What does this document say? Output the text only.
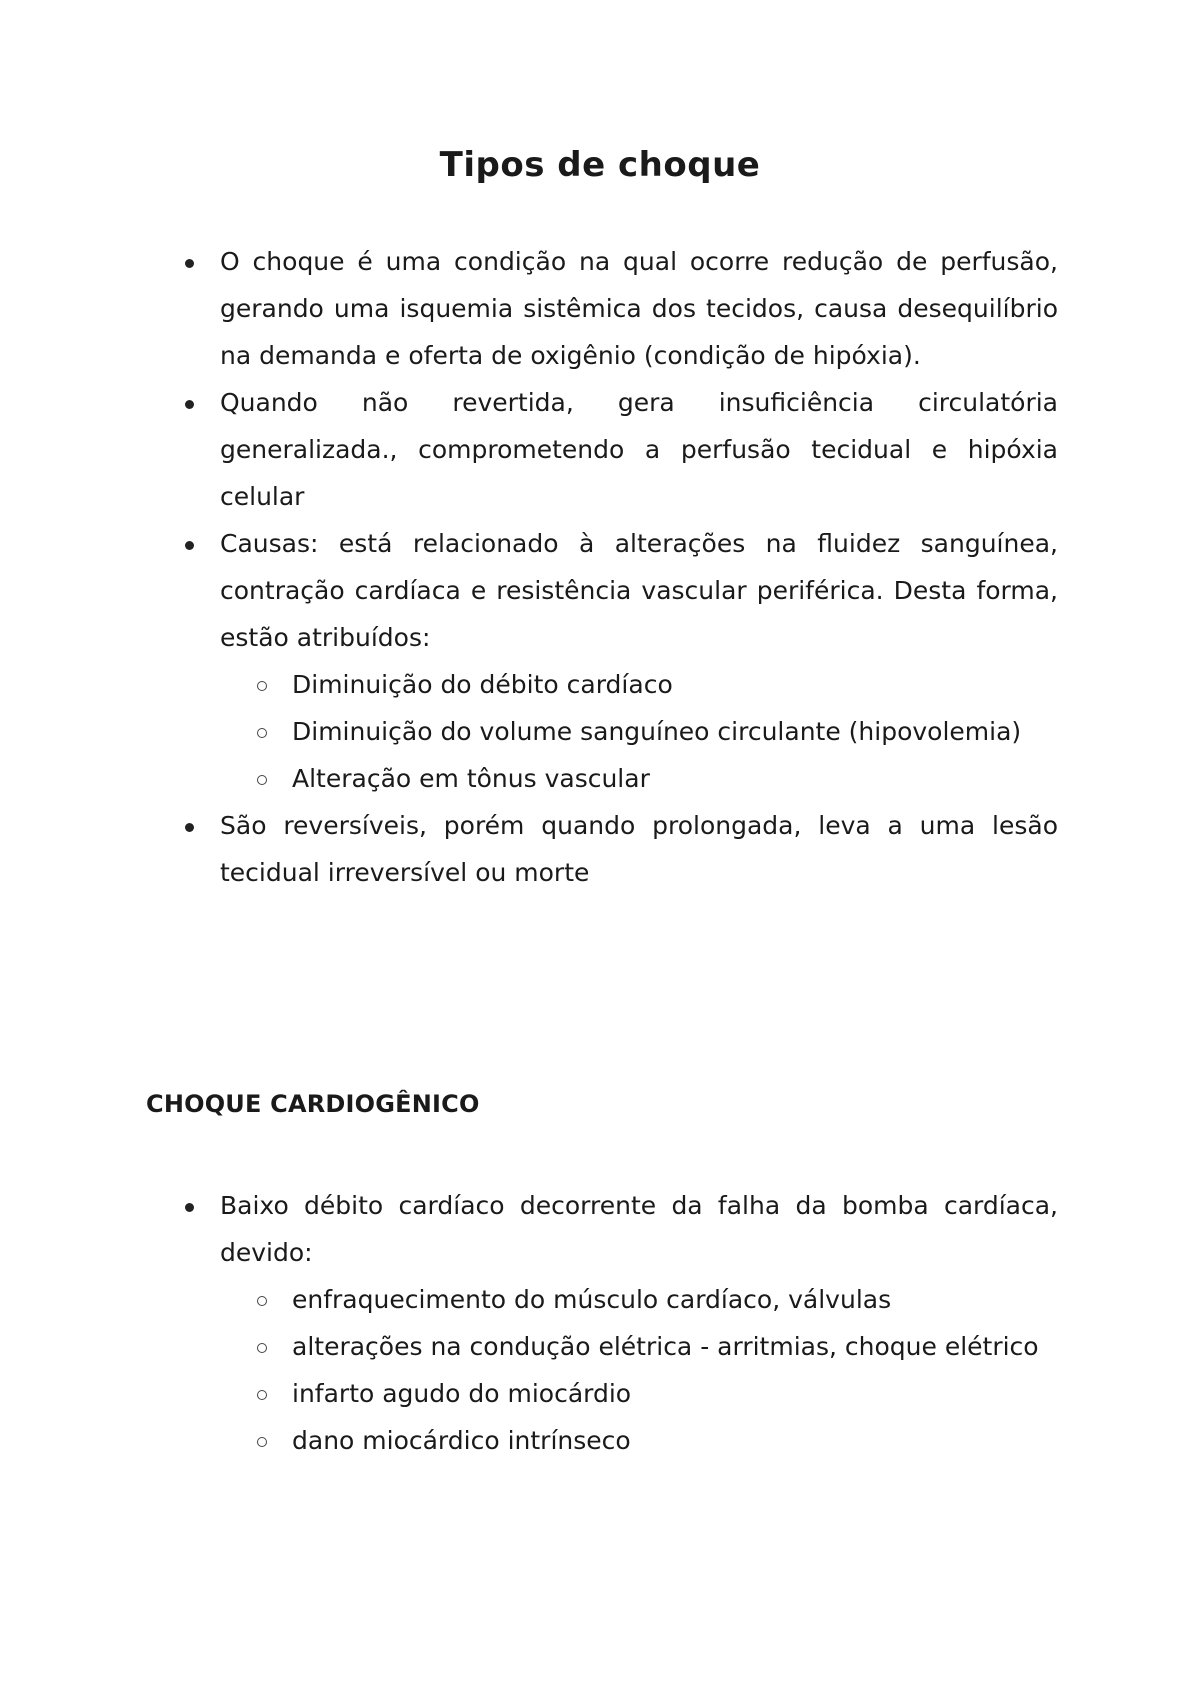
Tipos de choque
O choque é uma condição na qual ocorre redução de perfusão, gerando uma isquemia sistêmica dos tecidos, causa desequilíbrio na demanda e oferta de oxigênio (condição de hipóxia).
Quando não revertida, gera insuficiência circulatória generalizada., comprometendo a perfusão tecidual e hipóxia celular
Causas: está relacionado à alterações na fluidez sanguínea, contração cardíaca e resistência vascular periférica. Desta forma, estão atribuídos:
Diminuição do débito cardíaco
Diminuição do volume sanguíneo circulante (hipovolemia)
Alteração em tônus vascular
São reversíveis, porém quando prolongada, leva a uma lesão tecidual irreversível ou morte
CHOQUE CARDIOGÊNICO
Baixo débito cardíaco decorrente da falha da bomba cardíaca, devido:
enfraquecimento do músculo cardíaco, válvulas
alterações na condução elétrica - arritmias, choque elétrico
infarto agudo do miocárdio
dano miocárdico intrínseco
